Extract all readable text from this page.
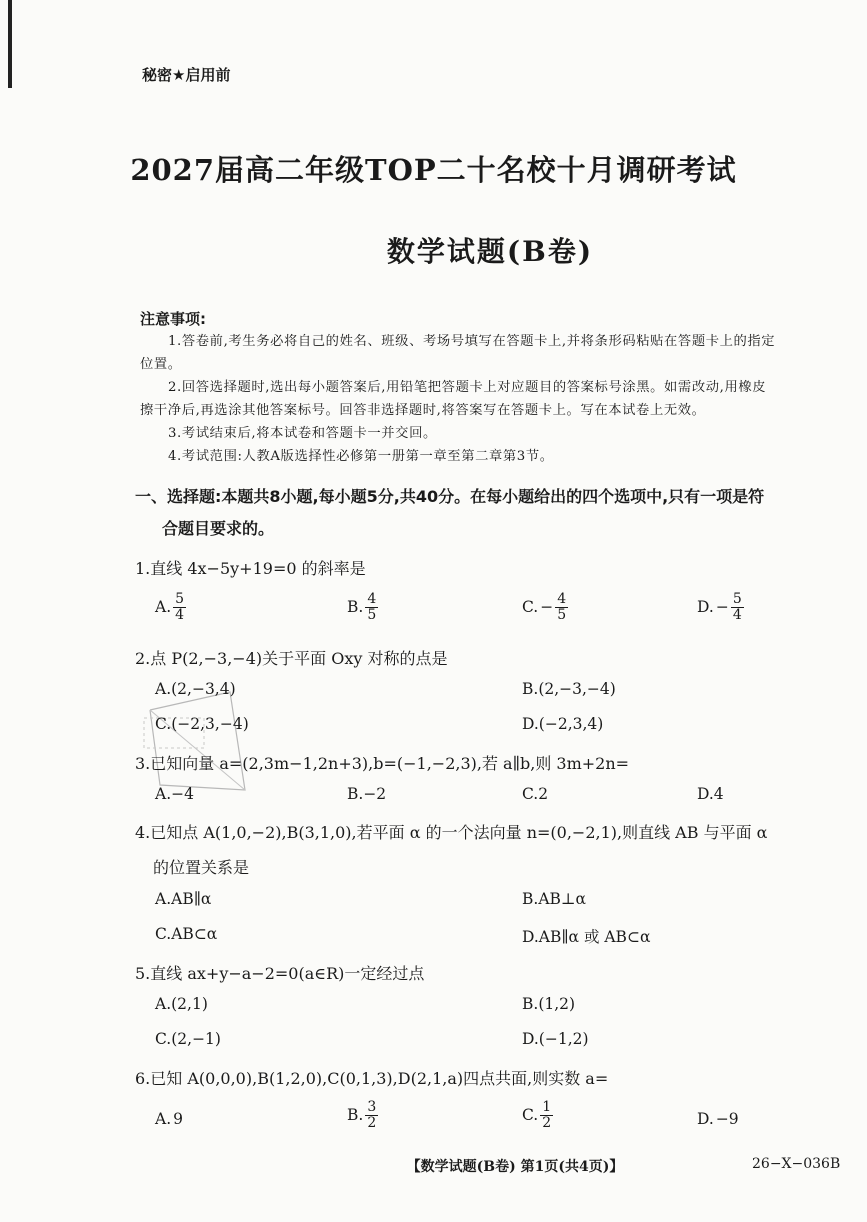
秘密★启用前
2027届高二年级TOP二十名校十月调研考试
数学试题(B卷)
注意事项:
1.答卷前,考生务必将自己的姓名、班级、考场号填写在答题卡上,并将条形码粘贴在答题卡上的指定
位置。
2.回答选择题时,选出每小题答案后,用铅笔把答题卡上对应题目的答案标号涂黑。如需改动,用橡皮
擦干净后,再选涂其他答案标号。回答非选择题时,将答案写在答题卡上。写在本试卷上无效。
3.考试结束后,将本试卷和答题卡一并交回。
4.考试范围:人教A版选择性必修第一册第一章至第二章第3节。
一、选择题:本题共8小题,每小题5分,共40分。在每小题给出的四个选项中,只有一项是符
合题目要求的。
1.直线 4x−5y+19=0 的斜率是
A. $\frac{5}{4}$	B. $\frac{4}{5}$	C. − $\frac{4}{5}$	D. − $\frac{5}{4}$
2.点 P(2,−3,−4)关于平面 Oxy 对称的点是
A.(2,−3,4)	B.(2,−3,−4)
C.(−2,3,−4)	D.(−2,3,4)
3.已知向量 a=(2,3m−1,2n+3),b=(−1,−2,3),若 a∥b,则 3m+2n=
A.−4	B.−2	C.2	D.4
4.已知点 A(1,0,−2),B(3,1,0),若平面 α 的一个法向量 n=(0,−2,1),则直线 AB 与平面 α
的位置关系是
A.AB∥α	B.AB⊥α
C.AB⊂α	D.AB∥α 或 AB⊂α
5.直线 ax+y−a−2=0(a∈R)一定经过点
A.(2,1)	B.(1,2)
C.(2,−1)	D.(−1,2)
6.已知 A(0,0,0),B(1,2,0),C(0,1,3),D(2,1,a)四点共面,则实数 a=
A. 9	B. $\frac{3}{2}$	C. $\frac{1}{2}$	D. −9
【数学试题(B卷) 第1页(共4页)】	26−X−036B
